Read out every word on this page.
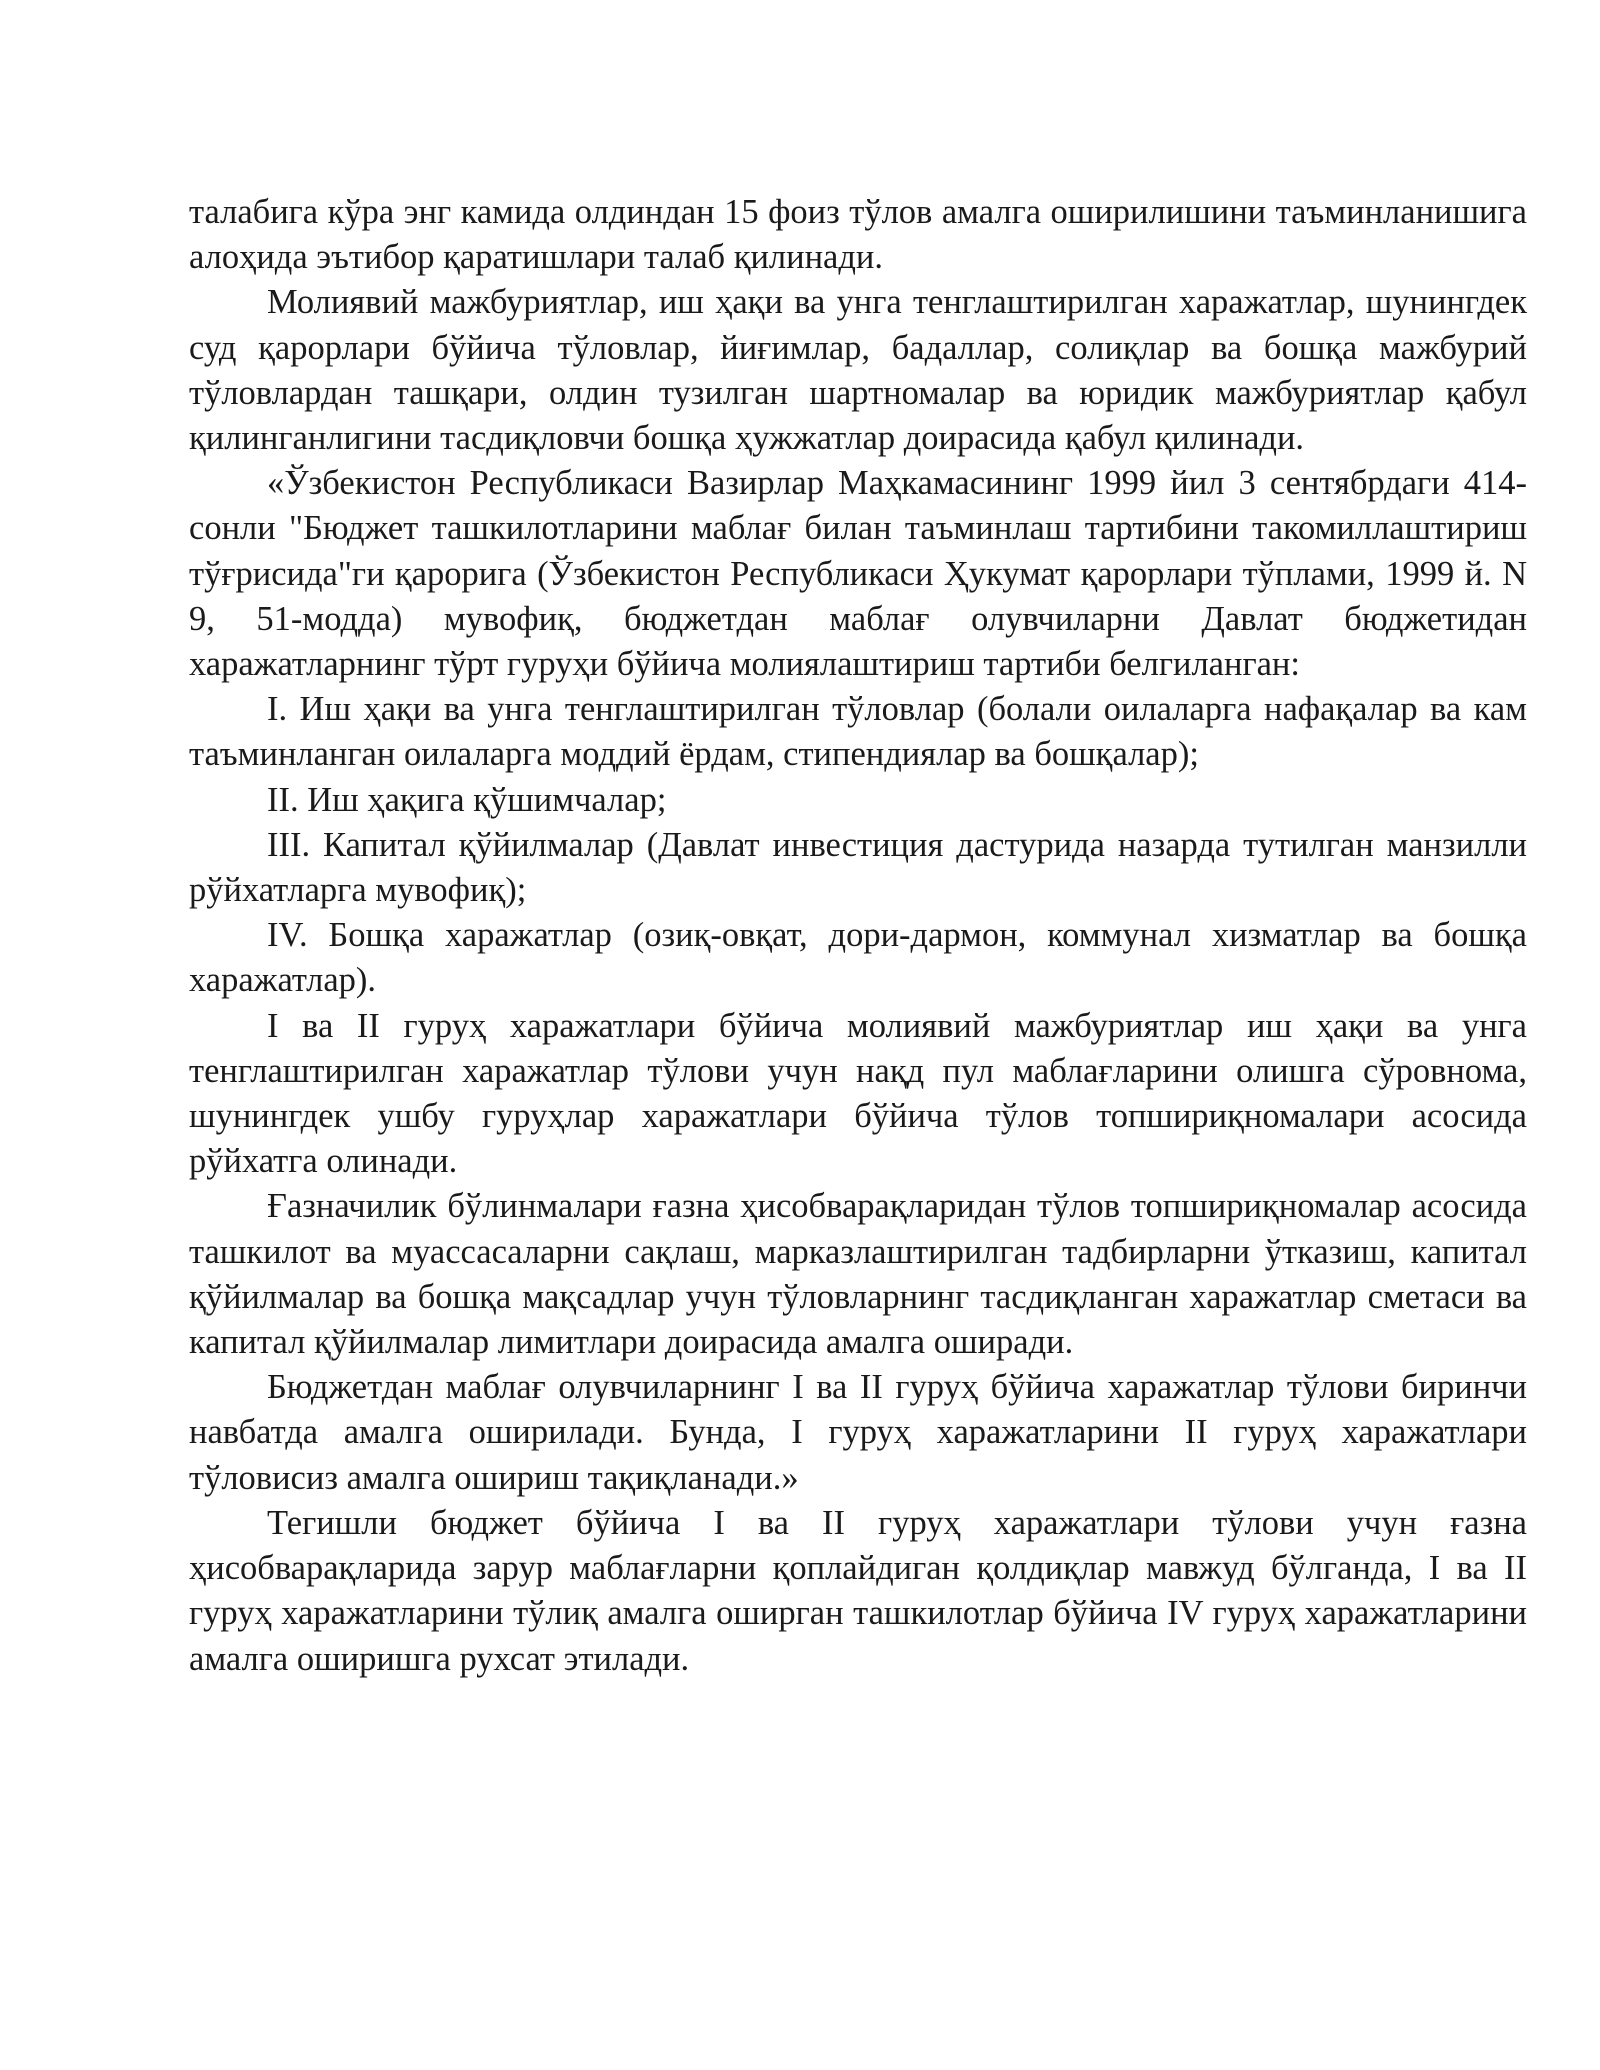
талабига кўра энг камида олдиндан 15 фоиз тўлов амалга оширилишини таъминланишига алоҳида эътибор қаратишлари талаб қилинади.

Молиявий мажбуриятлар, иш ҳақи ва унга тенглаштирилган харажатлар, шунингдек суд қарорлари бўйича тўловлар, йиғимлар, бадаллар, солиқлар ва бошқа мажбурий тўловлардан ташқари, олдин тузилган шартномалар ва юридик мажбуриятлар қабул қилинганлигини тасдиқловчи бошқа ҳужжатлар доирасида қабул қилинади.

«Ўзбекистон Республикаси Вазирлар Маҳкамасининг 1999 йил 3 сентябрдаги 414-сонли "Бюджет ташкилотларини маблағ билан таъминлаш тартибини такомиллаштириш тўғрисида"ги қарорига (Ўзбекистон Республикаси Ҳукумат қарорлари тўплами, 1999 й. N 9, 51-модда) мувофиқ, бюджетдан маблағ олувчиларни Давлат бюджетидан харажатларнинг тўрт гуруҳи бўйича молиялаштириш тартиби белгиланган:

I. Иш ҳақи ва унга тенглаштирилган тўловлар (болали оилаларга нафақалар ва кам таъминланган оилаларга моддий ёрдам, стипендиялар ва бошқалар);

II. Иш ҳақига қўшимчалар;

III. Капитал қўйилмалар (Давлат инвестиция дастурида назарда тутилган манзилли рўйхатларга мувофиқ);

IV. Бошқа харажатлар (озиқ-овқат, дори-дармон, коммунал хизматлар ва бошқа харажатлар).

I ва II гуруҳ харажатлари бўйича молиявий мажбуриятлар иш ҳақи ва унга тенглаштирилган харажатлар тўлови учун нақд пул маблағларини олишга сўровнома, шунингдек ушбу гуруҳлар харажатлари бўйича тўлов топшириқномалари асосида рўйхатга олинади.

Ғазначилик бўлинмалари ғазна ҳисобварақларидан тўлов топшириқномалар асосида ташкилот ва муассасаларни сақлаш, марказлаштирилган тадбирларни ўтказиш, капитал қўйилмалар ва бошқа мақсадлар учун тўловларнинг тасдиқланган харажатлар сметаси ва капитал қўйилмалар лимитлари доирасида амалга оширади.

Бюджетдан маблағ олувчиларнинг I ва II гуруҳ бўйича харажатлар тўлови биринчи навбатда амалга оширилади. Бунда, I гуруҳ харажатларини II гуруҳ харажатлари тўловисиз амалга ошириш тақиқланади.»

Тегишли бюджет бўйича I ва II гуруҳ харажатлари тўлови учун ғазна ҳисобварақларида зарур маблағларни қоплайдиган қолдиқлар мавжуд бўлганда, I ва II гуруҳ харажатларини тўлиқ амалга оширган ташкилотлар бўйича IV гуруҳ харажатларини амалга оширишга рухсат этилади.
